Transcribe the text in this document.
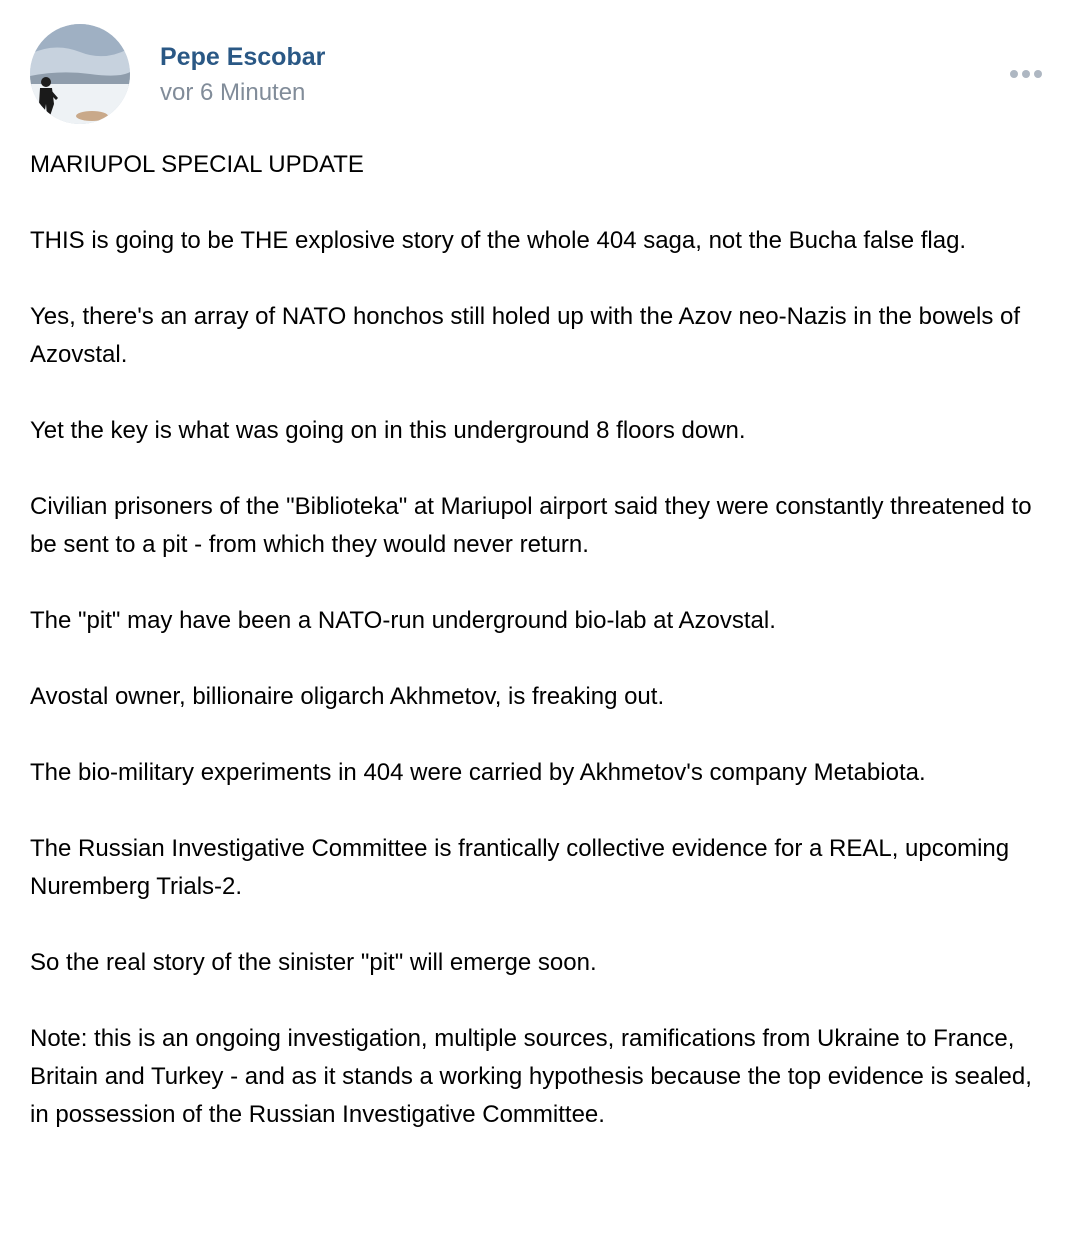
Pepe Escobar
vor 6 Minuten

MARIUPOL SPECIAL UPDATE

THIS is going to be THE explosive story of the whole 404 saga, not the Bucha false flag.

Yes, there's an array of NATO honchos still holed up with the Azov neo-Nazis in the bowels of Azovstal.

Yet the key is what was going on in this underground 8 floors down.

Civilian prisoners of the "Biblioteka" at Mariupol airport said they were constantly threatened to be sent to a pit - from which they would never return.

The "pit" may have been a NATO-run underground bio-lab at Azovstal.

Avostal owner, billionaire oligarch Akhmetov, is freaking out.

The bio-military experiments in 404 were carried by Akhmetov's company Metabiota.

The Russian Investigative Committee is frantically collective evidence for a REAL, upcoming Nuremberg Trials-2.

So the real story of the sinister "pit" will emerge soon.

Note: this is an ongoing investigation, multiple sources, ramifications from Ukraine to France, Britain and Turkey - and as it stands a working hypothesis because the top evidence is sealed, in possession of the Russian Investigative Committee.
